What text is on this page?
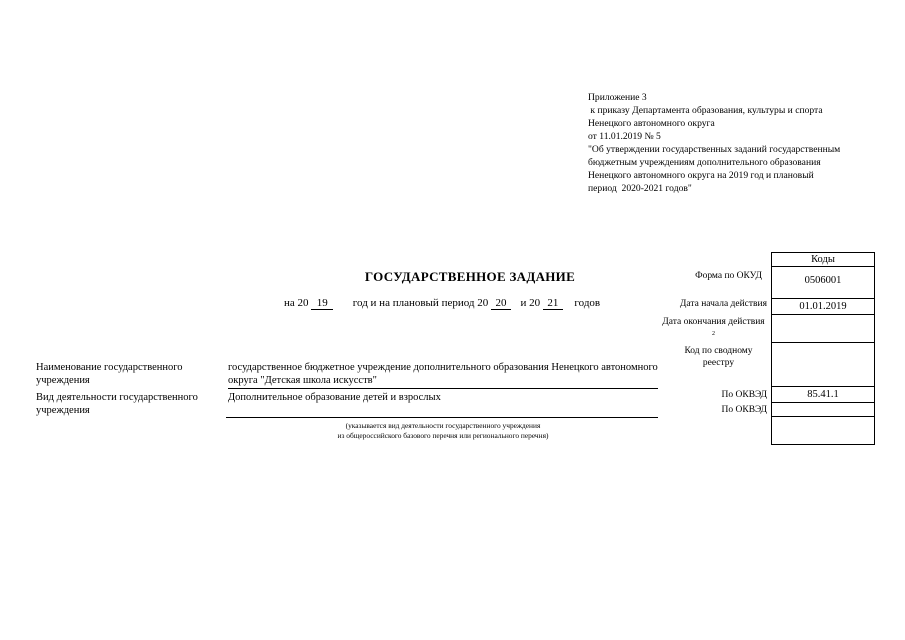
Приложение 3
к приказу Департамента образования, культуры и спорта
Ненецкого автономного округа
от 11.01.2019 № 5
"Об утверждении государственных заданий государственным
бюджетным учреждениям дополнительного образования
Ненецкого автономного округа на 2019 год и плановый
период  2020-2021 годов"
ГОСУДАРСТВЕННОЕ ЗАДАНИЕ
на 20 19 год и на плановый период 20 20 и 20 21 годов
Наименование государственного учреждения
Вид деятельности государственного учреждения
государственное бюджетное учреждение дополнительного образования Ненецкого автономного округа "Детская школа искусств"
Дополнительное образование детей и взрослых
(указывается вид деятельности государственного учреждения
из общероссийского базового перечня или регионального перечня)
Форма по ОКУД
Дата начала действия
Дата окончания действия $^2$
Код по сводному реестру
По ОКВЭД
По ОКВЭД
Коды
0506001
01.01.2019
85.41.1
